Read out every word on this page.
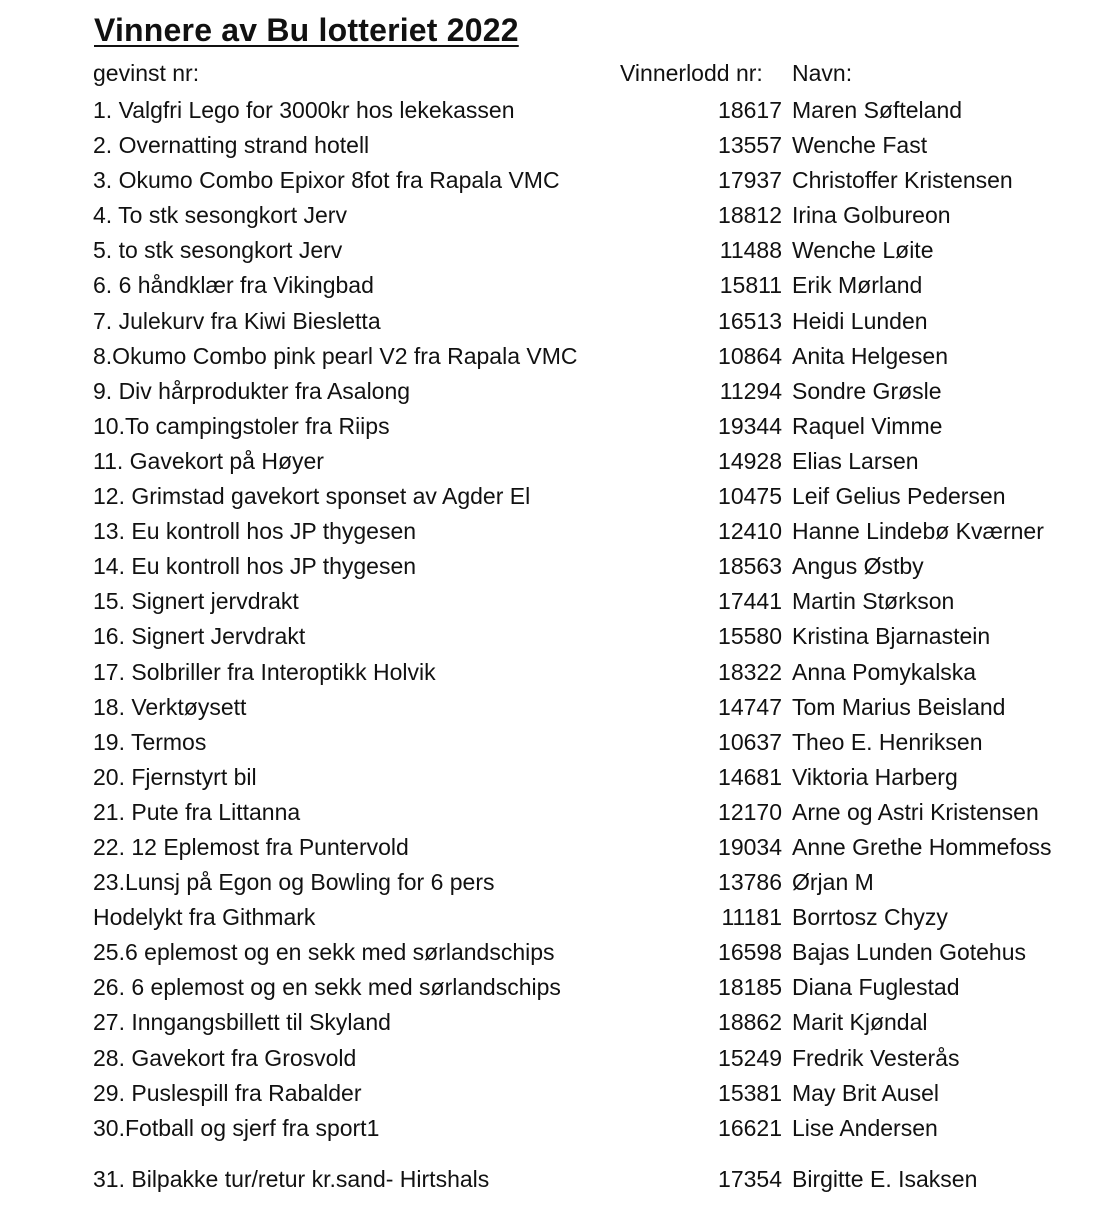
Vinnere av Bu lotteriet 2022
gevinst nr:	Vinnerlodd nr: Navn:
1. Valgfri Lego for 3000kr hos lekekassen	18617 Maren Søfteland
2. Overnatting strand hotell	13557 Wenche Fast
3. Okumo Combo Epixor 8fot fra Rapala VMC	17937 Christoffer Kristensen
4. To stk sesongkort Jerv	18812 Irina Golbureon
5. to stk sesongkort Jerv	11488 Wenche Løite
6. 6 håndklær fra Vikingbad	15811 Erik Mørland
7. Julekurv fra Kiwi Biesletta	16513 Heidi Lunden
8.Okumo Combo pink pearl V2 fra Rapala VMC	10864 Anita Helgesen
9. Div hårprodukter fra Asalong	11294 Sondre Grøsle
10.To campingstoler fra Riips	19344 Raquel Vimme
11. Gavekort på Høyer	14928 Elias Larsen
12. Grimstad gavekort sponset av Agder El	10475 Leif Gelius Pedersen
13. Eu kontroll hos JP thygesen	12410 Hanne Lindebø Kværner
14. Eu kontroll hos JP thygesen	18563 Angus Østby
15. Signert jervdrakt	17441 Martin Størkson
16. Signert Jervdrakt	15580 Kristina Bjarnastein
17. Solbriller fra Interoptikk Holvik	18322 Anna Pomykalska
18. Verktøysett	14747 Tom Marius Beisland
19. Termos	10637 Theo E. Henriksen
20. Fjernstyrt bil	14681 Viktoria Harberg
21. Pute fra Littanna	12170 Arne og Astri Kristensen
22. 12 Eplemost fra Puntervold	19034 Anne Grethe Hommefoss
23.Lunsj på Egon og Bowling for 6 pers	13786 Ørjan M
Hodelykt fra Githmark	11181 Borrtosz Chyzy
25.6 eplemost og en sekk med sørlandschips	16598 Bajas Lunden Gotehus
26. 6 eplemost og en sekk med sørlandschips	18185 Diana Fuglestad
27. Inngangsbillett til Skyland	18862 Marit Kjøndal
28. Gavekort fra Grosvold	15249 Fredrik Vesterås
29. Puslespill fra Rabalder	15381 May Brit Ausel
30.Fotball og sjerf fra sport1	16621 Lise Andersen
31. Bilpakke tur/retur kr.sand- Hirtshals	17354 Birgitte E. Isaksen
